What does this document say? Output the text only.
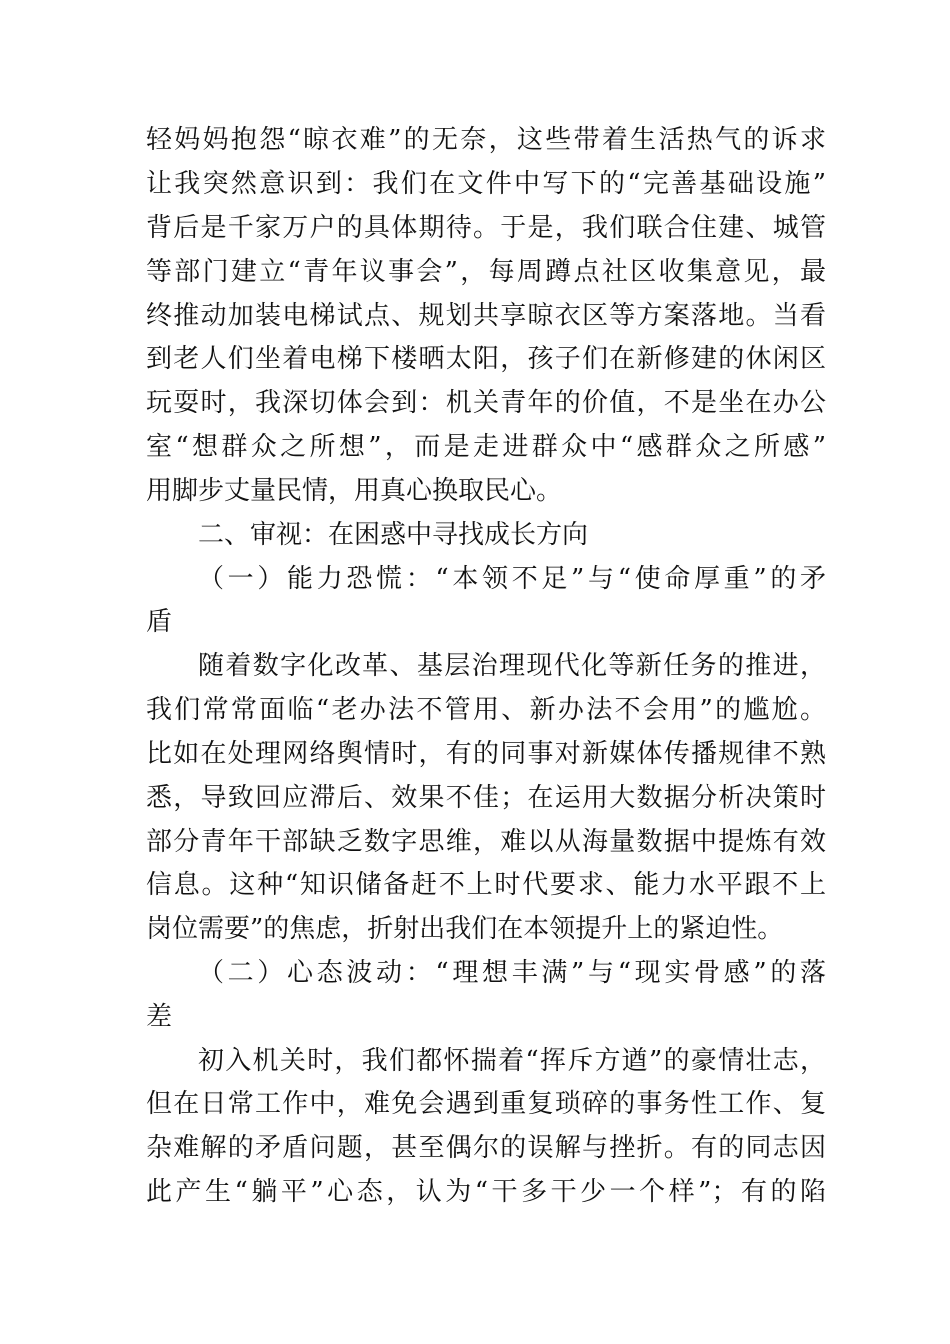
轻妈妈抱怨“晾衣难”的无奈，这些带着生活热气的诉求
让我突然意识到：我们在文件中写下的“完善基础设施”
背后是千家万户的具体期待。于是，我们联合住建、城管
等部门建立“青年议事会”，每周蹲点社区收集意见，最
终推动加装电梯试点、规划共享晾衣区等方案落地。当看
到老人们坐着电梯下楼晒太阳，孩子们在新修建的休闲区
玩耍时，我深切体会到：机关青年的价值，不是坐在办公
室“想群众之所想”，而是走进群众中“感群众之所感”
用脚步丈量民情，用真心换取民心。
二、审视：在困惑中寻找成长方向
（一）能力恐慌：“本领不足”与“使命厚重”的矛
盾
随着数字化改革、基层治理现代化等新任务的推进，
我们常常面临“老办法不管用、新办法不会用”的尴尬。
比如在处理网络舆情时，有的同事对新媒体传播规律不熟
悉，导致回应滞后、效果不佳；在运用大数据分析决策时
部分青年干部缺乏数字思维，难以从海量数据中提炼有效
信息。这种“知识储备赶不上时代要求、能力水平跟不上
岗位需要”的焦虑，折射出我们在本领提升上的紧迫性。
（二）心态波动：“理想丰满”与“现实骨感”的落
差
初入机关时，我们都怀揣着“挥斥方遒”的豪情壮志，
但在日常工作中，难免会遇到重复琐碎的事务性工作、复
杂难解的矛盾问题，甚至偶尔的误解与挫折。有的同志因
此产生“躺平”心态，认为“干多干少一个样”；有的陷
